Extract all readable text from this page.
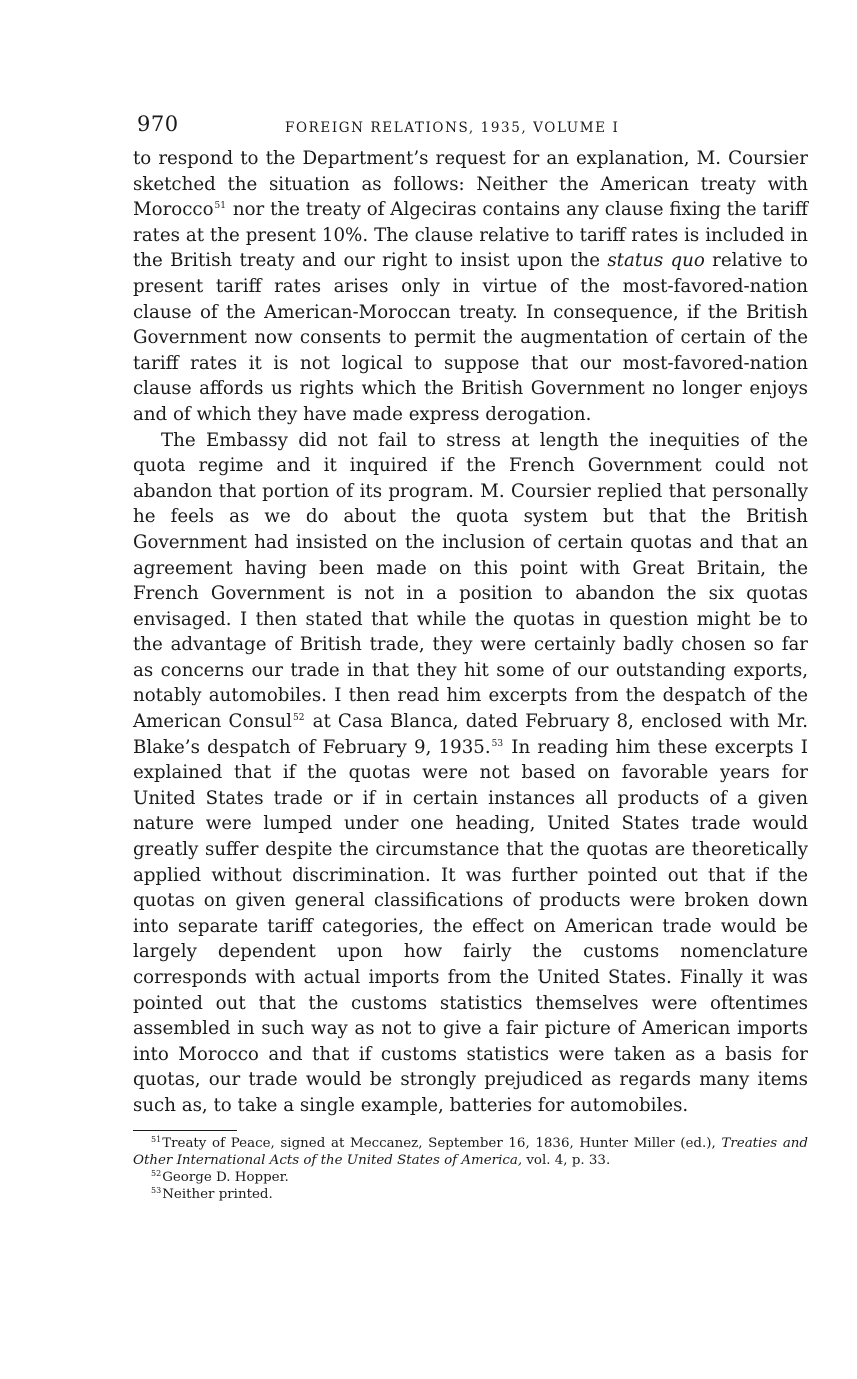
970	FOREIGN RELATIONS, 1935, VOLUME I

to respond to the Department’s request for an explanation, M. Coursier sketched the situation as follows: Neither the American treaty with Morocco$^{51}$ nor the treaty of Algeciras contains any clause fixing the tariff rates at the present 10%. The clause relative to tariff rates is included in the British treaty and our right to insist upon the status quo relative to present tariff rates arises only in virtue of the most-favored-nation clause of the American-Moroccan treaty. In consequence, if the British Government now consents to permit the augmentation of certain of the tariff rates it is not logical to suppose that our most-favored-nation clause affords us rights which the British Government no longer enjoys and of which they have made express derogation.

The Embassy did not fail to stress at length the inequities of the quota regime and it inquired if the French Government could not abandon that portion of its program. M. Coursier replied that personally he feels as we do about the quota system but that the British Government had insisted on the inclusion of certain quotas and that an agreement having been made on this point with Great Britain, the French Government is not in a position to abandon the six quotas envisaged. I then stated that while the quotas in question might be to the advantage of British trade, they were certainly badly chosen so far as concerns our trade in that they hit some of our outstanding exports, notably automobiles. I then read him excerpts from the despatch of the American Consul$^{52}$ at Casa Blanca, dated February 8, enclosed with Mr. Blake’s despatch of February 9, 1935.53 In reading him these excerpts I explained that if the quotas were not based on favorable years for United States trade or if in certain instances all products of a given nature were lumped under one heading, United States trade would greatly suffer despite the circumstance that the quotas are theoretically applied without discrimination. It was further pointed out that if the quotas on given general classifications of products were broken down into separate tariff categories, the effect on American trade would be largely dependent upon how fairly the customs nomenclature corresponds with actual imports from the United States. Finally it was pointed out that the customs statistics themselves were oftentimes assembled in such way as not to give a fair picture of American imports into Morocco and that if customs statistics were taken as a basis for quotas, our trade would be strongly prejudiced as regards many items such as, to take a single example, batteries for automobiles.

$^{51}$Treaty of Peace, signed at Meccanez, September 16, 1836, Hunter Miller (ed.), Treaties and Other International Acts of the United States of America, vol. 4, p. 33.

$^{52}$George D. Hopper.

$^{53}$Neither printed.
